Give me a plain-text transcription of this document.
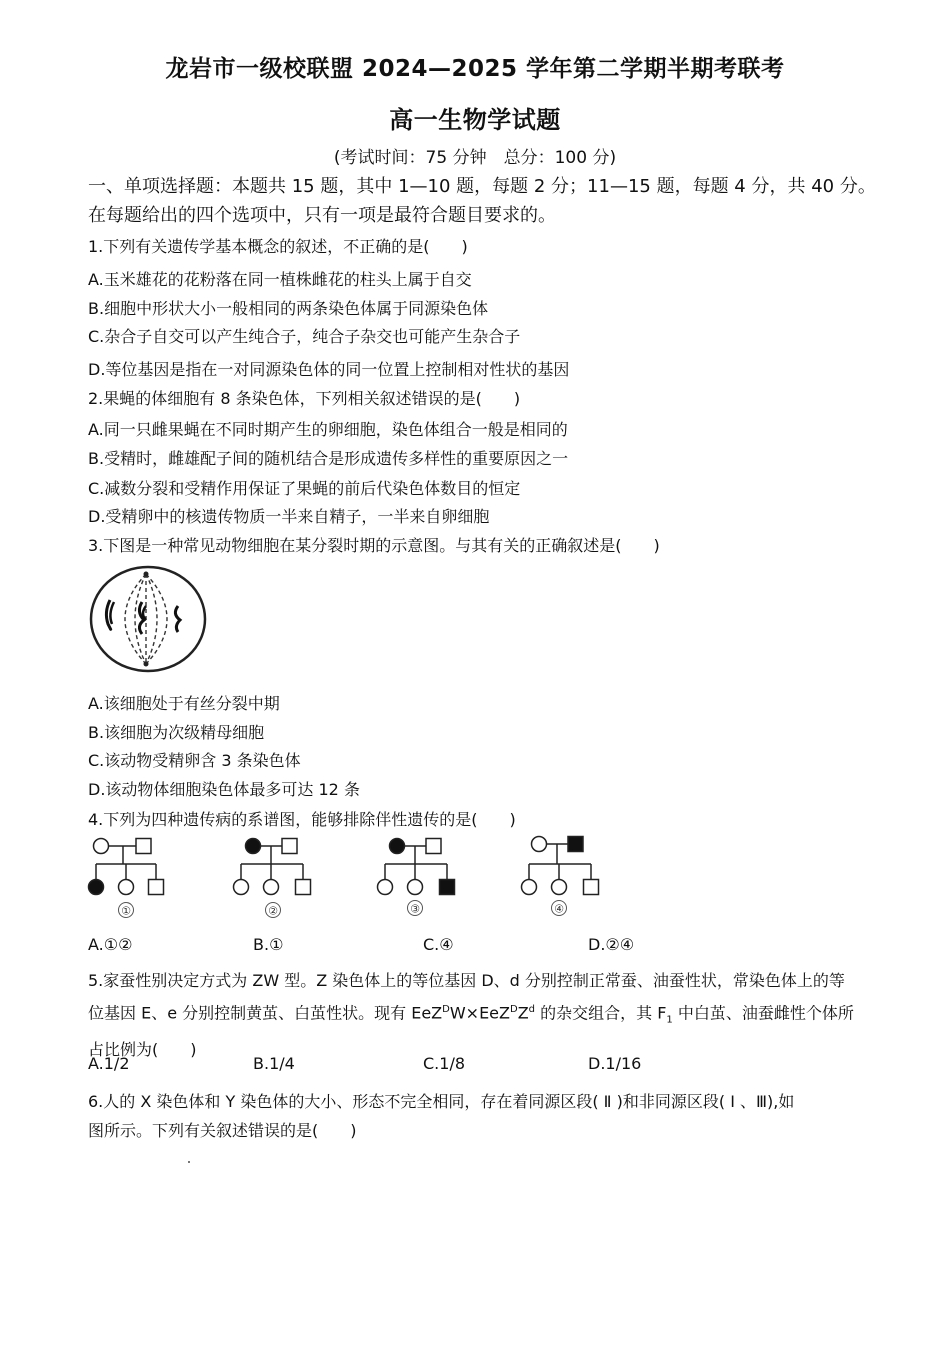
龙岩市一级校联盟 2024—2025 学年第二学期半期考联考
高一生物学试题
(考试时间：75 分钟　总分：100 分)
一、单项选择题：本题共 15 题，其中 1—10 题，每题 2 分；11—15 题，每题 4 分，共 40 分。
在每题给出的四个选项中，只有一项是最符合题目要求的。
1.下列有关遗传学基本概念的叙述，不正确的是(　　)
A.玉米雄花的花粉落在同一植株雌花的柱头上属于自交
B.细胞中形状大小一般相同的两条染色体属于同源染色体
C.杂合子自交可以产生纯合子，纯合子杂交也可能产生杂合子
D.等位基因是指在一对同源染色体的同一位置上控制相对性状的基因
2.果蝇的体细胞有 8 条染色体，下列相关叙述错误的是(　　)
A.同一只雌果蝇在不同时期产生的卵细胞，染色体组合一般是相同的
B.受精时，雌雄配子间的随机结合是形成遗传多样性的重要原因之一
C.减数分裂和受精作用保证了果蝇的前后代染色体数目的恒定
D.受精卵中的核遗传物质一半来自精子，一半来自卵细胞
3.下图是一种常见动物细胞在某分裂时期的示意图。与其有关的正确叙述是(　　)
A.该细胞处于有丝分裂中期
B.该细胞为次级精母细胞
C.该动物受精卵含 3 条染色体
D.该动物体细胞染色体最多可达 12 条
4.下列为四种遗传病的系谱图，能够排除伴性遗传的是(　　)
①	②	③	④
A.①②	B.①	C.④	D.②④
5.家蚕性别决定方式为 ZW 型。Z 染色体上的等位基因 D、d 分别控制正常蚕、油蚕性状，常染色体上的等
位基因 E、e 分别控制黄茧、白茧性状。现有 $EeZ^DW\times EeZ^DZ^d$ 的杂交组合，其 $F_1$ 中白茧、油蚕雌性个体所
占比例为(　　)
A.1/2	B.1/4	C.1/8	D.1/16
6.人的 X 染色体和 Y 染色体的大小、形态不完全相同，存在着同源区段( Ⅱ )和非同源区段( Ⅰ 、Ⅲ),如
图所示。下列有关叙述错误的是(　　)
